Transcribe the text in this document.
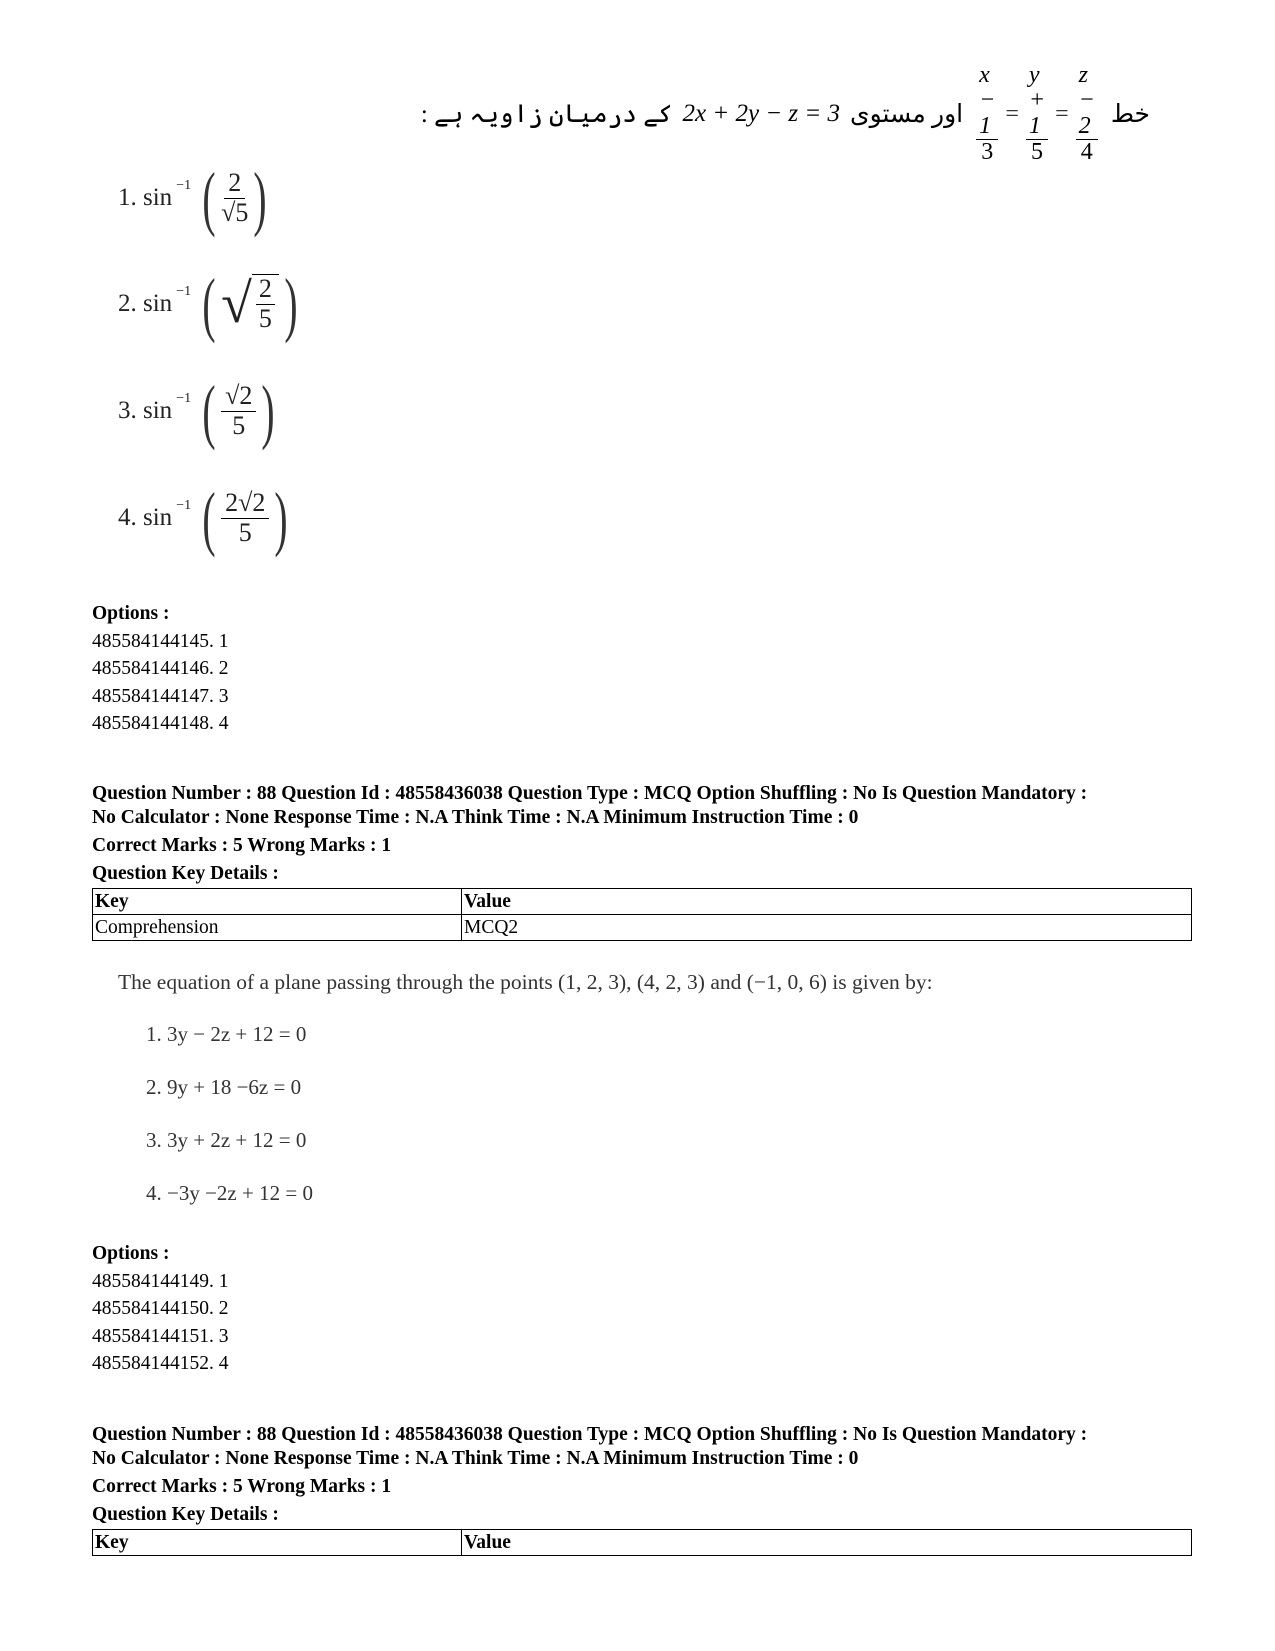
کے درمیان زاویہ ہے : 2x + 2y − z = 3 اور مستوی $\frac{x - 1}{3} = \frac{y + 1}{5} = \frac{z - 2}{4}$ خط
1. sin −1 ( $\frac{2}{√5}$ )
2. sin −1 ( √ 2
5 )
3. sin −1 ( $\frac{√2}{5}$ )
4. sin −1 ( $\frac{2√2}{5}$ )
Options :
485584144145. 1
485584144146. 2
485584144147. 3
485584144148. 4
Question Number : 88 Question Id : 48558436038 Question Type : MCQ Option Shuffling : No Is Question Mandatory :
No Calculator : None Response Time : N.A Think Time : N.A Minimum Instruction Time : 0
Correct Marks : 5 Wrong Marks : 1
Question Key Details :
Key	Value
Comprehension	MCQ2
The equation of a plane passing through the points (1, 2, 3), (4, 2, 3) and (−1, 0, 6) is given by:
1. 3y − 2z + 12 = 0
2. 9y + 18 −6z = 0
3. 3y + 2z + 12 = 0
4. −3y −2z + 12 = 0
Options :
485584144149. 1
485584144150. 2
485584144151. 3
485584144152. 4
Question Number : 88 Question Id : 48558436038 Question Type : MCQ Option Shuffling : No Is Question Mandatory :
No Calculator : None Response Time : N.A Think Time : N.A Minimum Instruction Time : 0
Correct Marks : 5 Wrong Marks : 1
Question Key Details :
Key	Value
